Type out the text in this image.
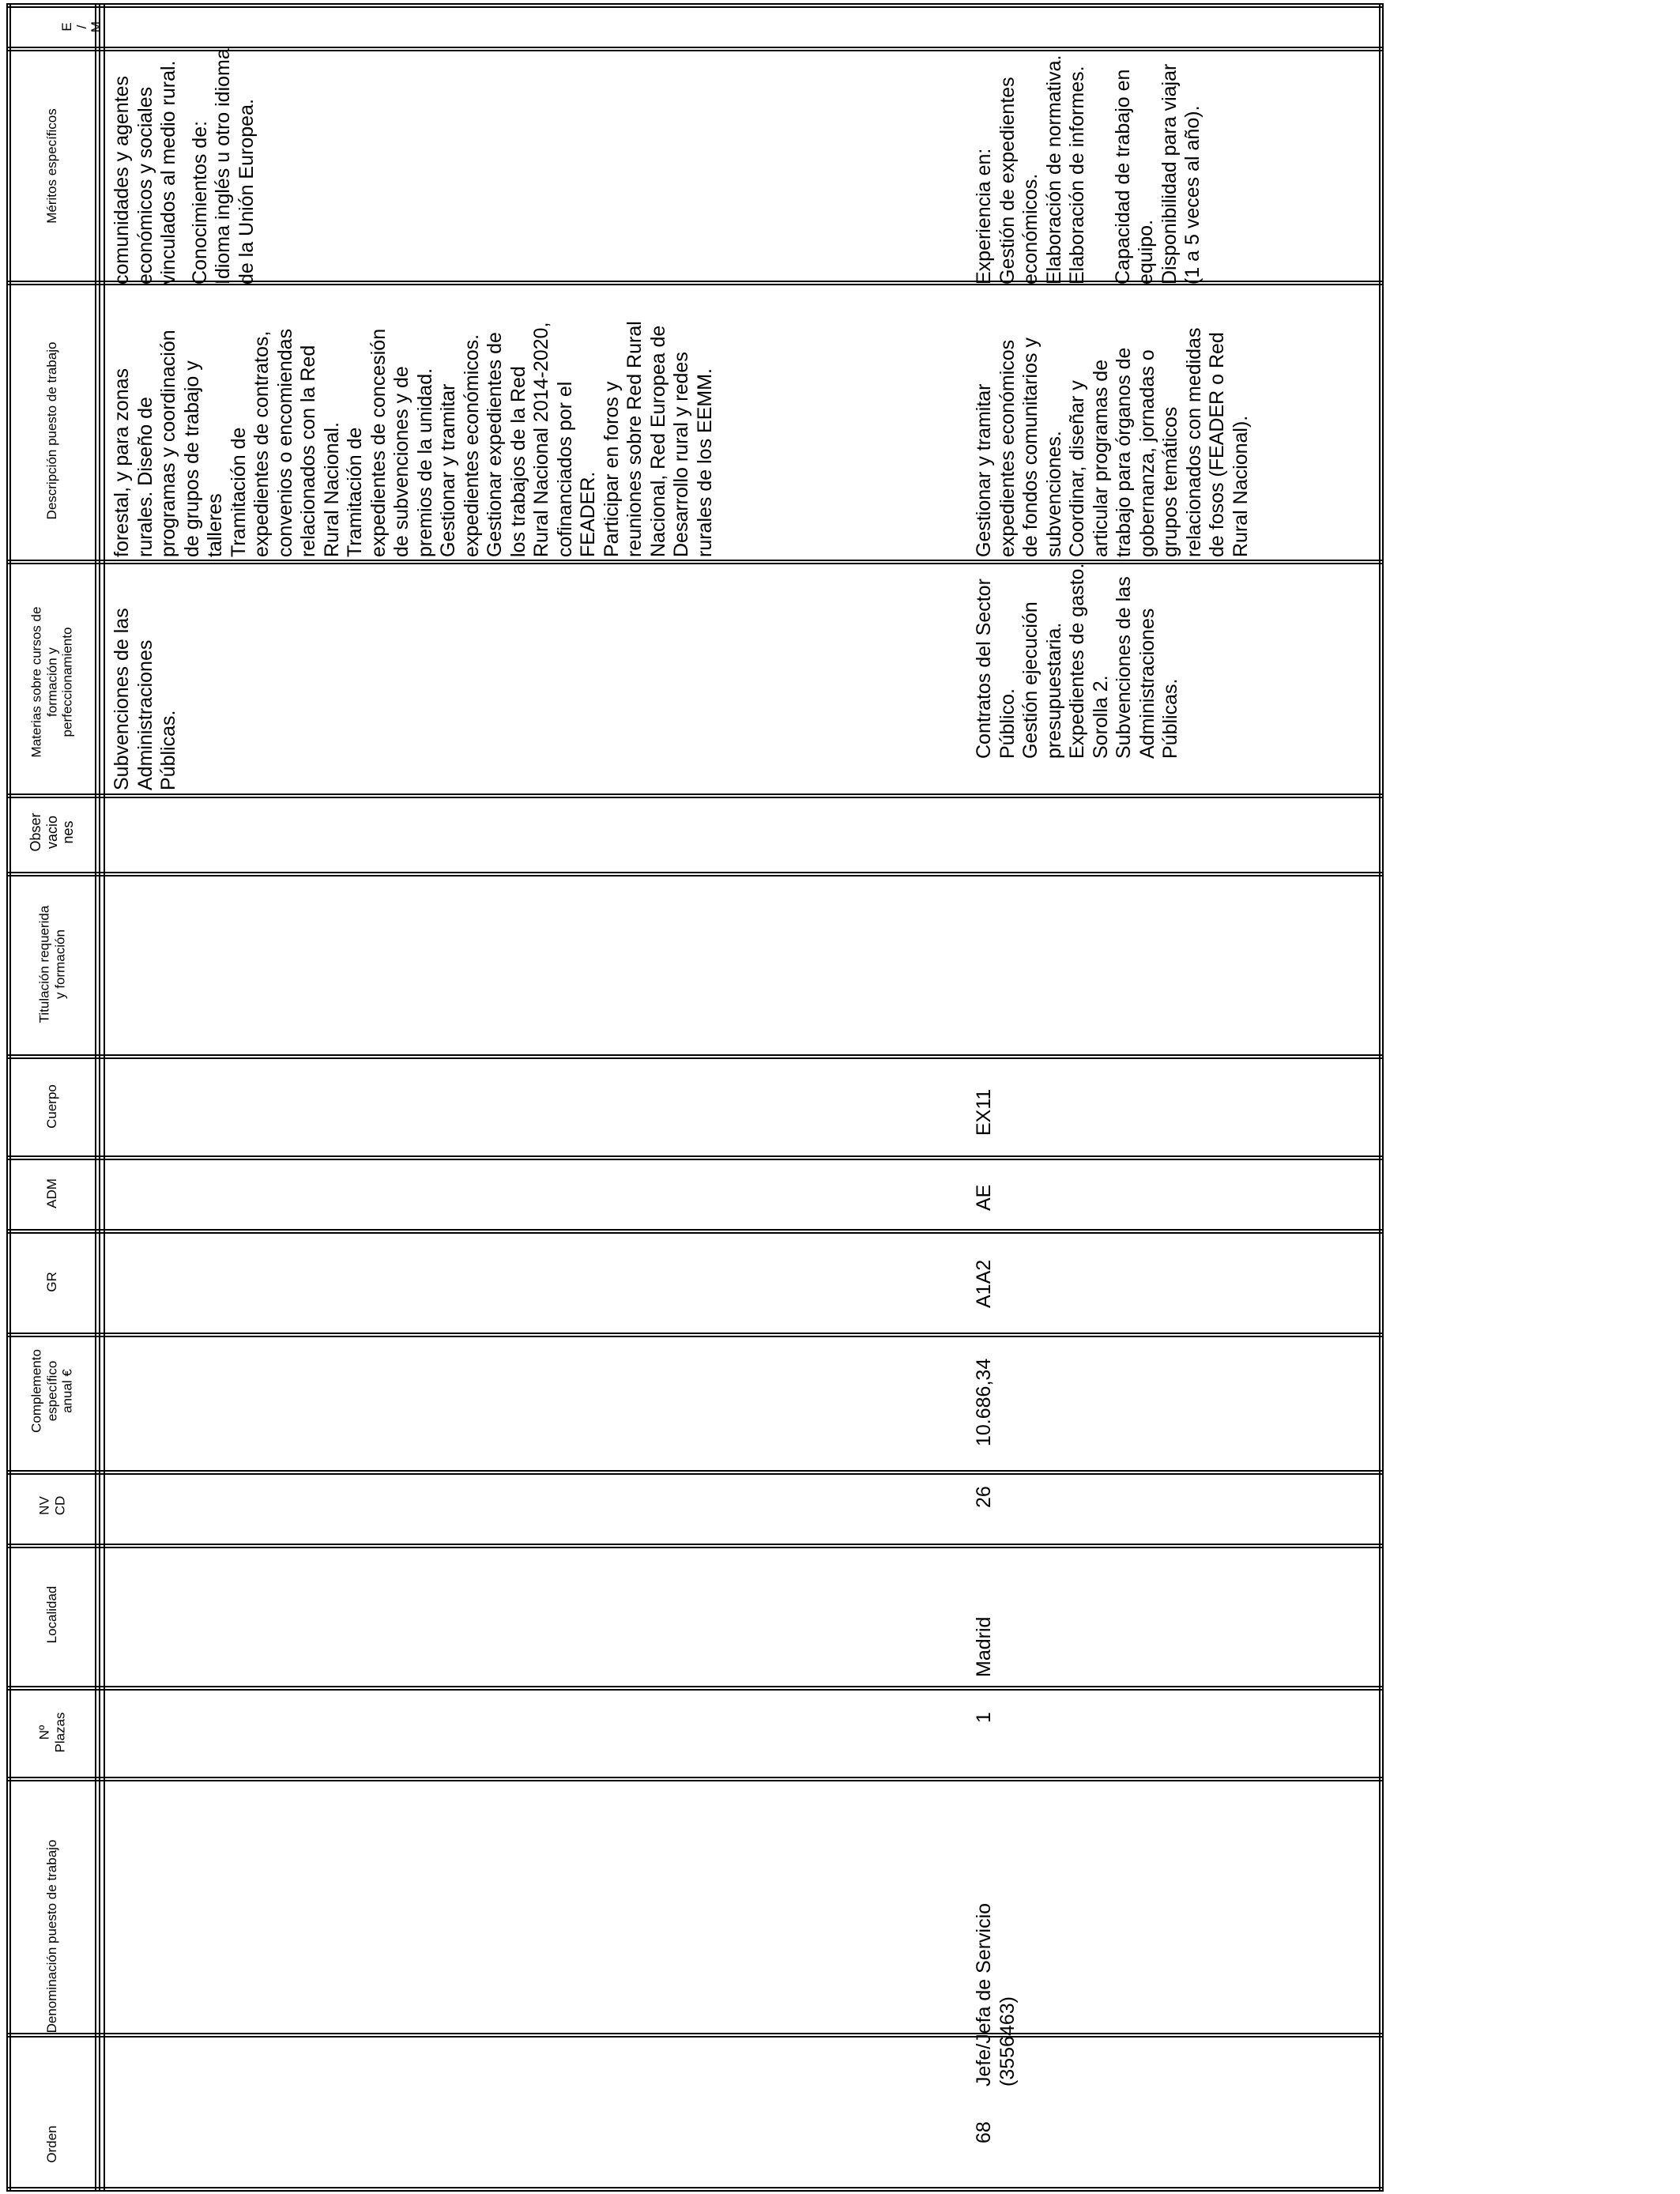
Orden
Denominación puesto de trabajo
Nº
Plazas
Localidad
NV
CD
Complemento
específico
anual €
GR
ADM
Cuerpo
Titulación requerida
y formación
Obser
vacio
nes
Materias sobre cursos de
formación y
perfeccionamiento
Descripción puesto de trabajo
Méritos específicos
E
/
M

Subvenciones de las Administraciones Públicas.

forestal, y para zonas rurales. Diseño de programas y coordinación de grupos de trabajo y talleres Tramitación de expedientes de contratos, convenios o encomiendas relacionados con la Red Rural Nacional. Tramitación de expedientes de concesión de subvenciones y de premios de la unidad. Gestionar y tramitar expedientes económicos. Gestionar expedientes de los trabajos de la Red Rural Nacional 2014-2020, cofinanciados por el FEADER. Participar en foros y reuniones sobre Red Rural Nacional, Red Europea de Desarrollo rural y redes rurales de los EEMM.

comunidades y agentes económicos y sociales vinculados al medio rural. Conocimientos de: Idioma inglés u otro idioma de la Unión Europea.

68

Jefe/Jefa de Servicio (3556463)

1
Madrid
26
10.686,34
A1A2
AE
EX11

Contratos del Sector Público. Gestión ejecución presupuestaria. Expedientes de gasto. Sorolla 2. Subvenciones de las Administraciones Públicas.

Gestionar y tramitar expedientes económicos de fondos comunitarios y subvenciones. Coordinar, diseñar y articular programas de trabajo para órganos de gobernanza, jornadas o grupos temáticos relacionados con medidas de fosos (FEADER o Red Rural Nacional).

Experiencia en: Gestión de expedientes económicos. Elaboración de normativa. Elaboración de informes. Capacidad de trabajo en equipo. Disponibilidad para viajar (1 a 5 veces al año).
